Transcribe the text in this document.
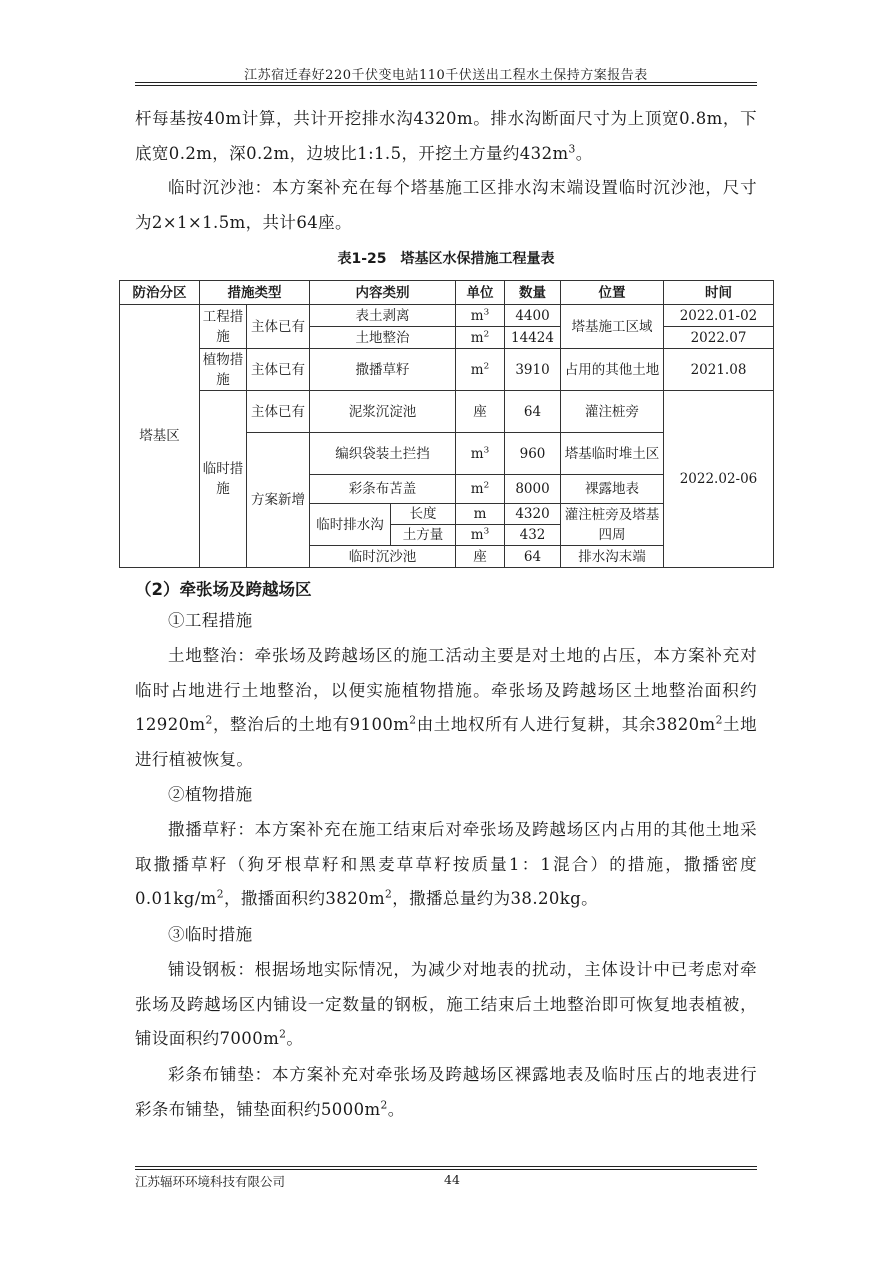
江苏宿迁春好220千伏变电站110千伏送出工程水土保持方案报告表

杆每基按40m计算，共计开挖排水沟4320m。排水沟断面尺寸为上顶宽0.8m，下底宽0.2m，深0.2m，边坡比1:1.5，开挖土方量约$432m^3$。

临时沉沙池：本方案补充在每个塔基施工区排水沟末端设置临时沉沙池，尺寸为2×1×1.5m，共计64座。

表1-25　塔基区水保措施工程量表
防治分区	措施类型		内容类别		单位	数量	位置	时间
塔基区	工程措施	主体已有	表土剥离		$m^3$	4400	塔基施工区域	2022.01-02
			土地整治		$m^2$	14424		2022.07
	植物措施	主体已有	撒播草籽		$m^2$	3910	占用的其他土地	2021.08
	临时措施	主体已有	泥浆沉淀池		座	64	灌注桩旁	2022.02-06
		方案新增	编织袋装土拦挡		$m^3$	960	塔基临时堆土区	
			彩条布苫盖		$m^2$	8000	裸露地表	
			临时排水沟	长度	m	4320	灌注桩旁及塔基四周	
				土方量	$m^3$	432		
			临时沉沙池		座	64	排水沟末端	
（2）牵张场及跨越场区

①工程措施

土地整治：牵张场及跨越场区的施工活动主要是对土地的占压，本方案补充对临时占地进行土地整治，以便实施植物措施。牵张场及跨越场区土地整治面积约$12920m^2$，整治后的土地有$9100m^2$由土地权所有人进行复耕，其余$3820m^2$土地进行植被恢复。

②植物措施

撒播草籽：本方案补充在施工结束后对牵张场及跨越场区内占用的其他土地采取撒播草籽（狗牙根草籽和黑麦草草籽按质量1：1混合）的措施，撒播密度$0.01kg/m^2$，撒播面积约$3820m^2$，撒播总量约为38.20kg。

③临时措施

铺设钢板：根据场地实际情况，为减少对地表的扰动，主体设计中已考虑对牵张场及跨越场区内铺设一定数量的钢板，施工结束后土地整治即可恢复地表植被，铺设面积约$7000m^2$。

彩条布铺垫：本方案补充对牵张场及跨越场区裸露地表及临时压占的地表进行彩条布铺垫，铺垫面积约$5000m^2$。

江苏辐环环境科技有限公司	44
